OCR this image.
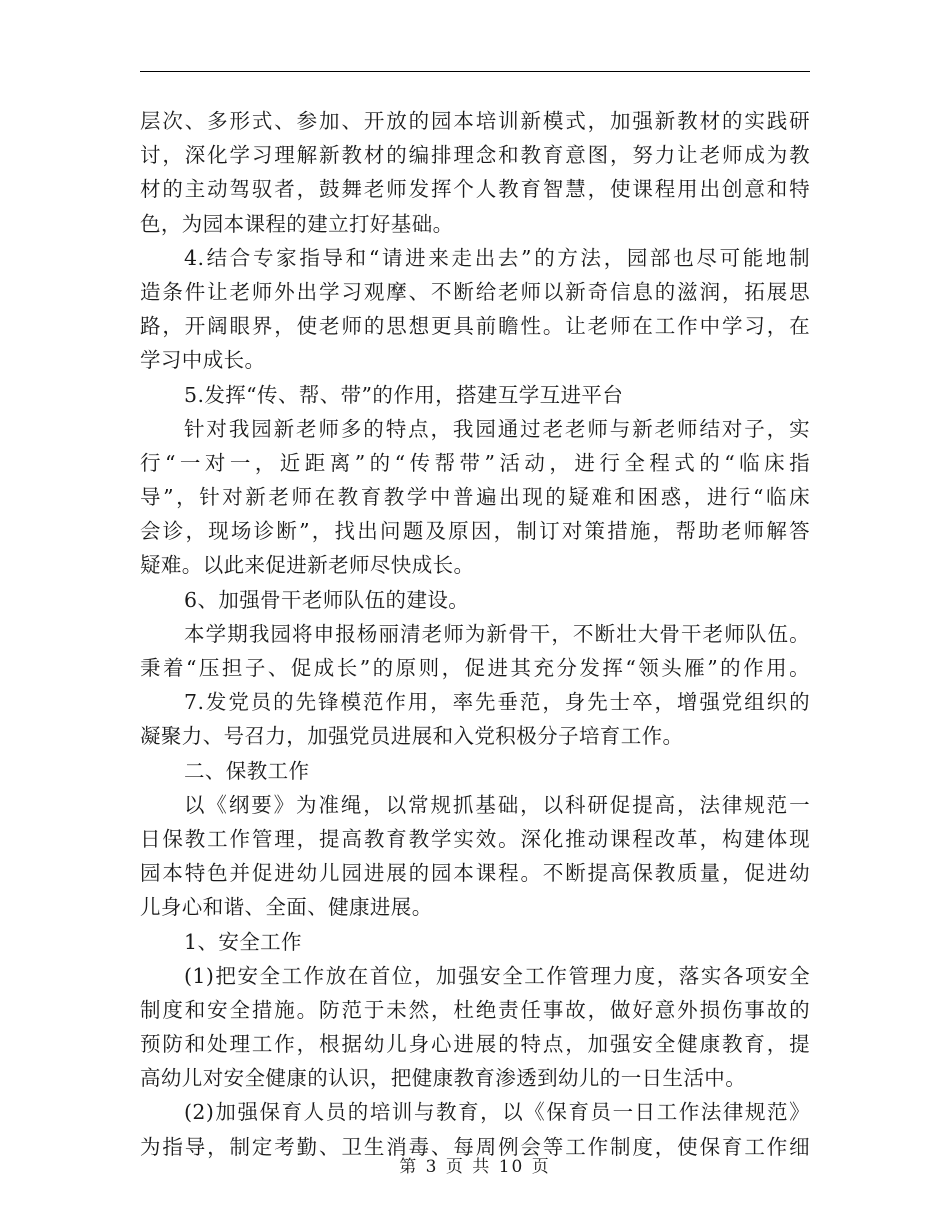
层次、多形式、参加、开放的园本培训新模式，加强新教材的实践研
讨，深化学习理解新教材的编排理念和教育意图，努力让老师成为教
材的主动驾驭者，鼓舞老师发挥个人教育智慧，使课程用出创意和特
色，为园本课程的建立打好基础。
4.结合专家指导和“请进来走出去”的方法，园部也尽可能地制
造条件让老师外出学习观摩、不断给老师以新奇信息的滋润，拓展思
路，开阔眼界，使老师的思想更具前瞻性。让老师在工作中学习，在
学习中成长。
5.发挥“传、帮、带”的作用，搭建互学互进平台
针对我园新老师多的特点，我园通过老老师与新老师结对子，实
行“一对一，近距离”的“传帮带”活动，进行全程式的“临床指
导”，针对新老师在教育教学中普遍出现的疑难和困惑，进行“临床
会诊，现场诊断”，找出问题及原因，制订对策措施，帮助老师解答
疑难。以此来促进新老师尽快成长。
6、加强骨干老师队伍的建设。
本学期我园将申报杨丽清老师为新骨干，不断壮大骨干老师队伍。
秉着“压担子、促成长”的原则，促进其充分发挥“领头雁”的作用。
7.发党员的先锋模范作用，率先垂范，身先士卒，增强党组织的
凝聚力、号召力，加强党员进展和入党积极分子培育工作。
二、保教工作
以《纲要》为准绳，以常规抓基础，以科研促提高，法律规范一
日保教工作管理，提高教育教学实效。深化推动课程改革，构建体现
园本特色并促进幼儿园进展的园本课程。不断提高保教质量，促进幼
儿身心和谐、全面、健康进展。
1、安全工作
(1)把安全工作放在首位，加强安全工作管理力度，落实各项安全
制度和安全措施。防范于未然，杜绝责任事故，做好意外损伤事故的
预防和处理工作，根据幼儿身心进展的特点，加强安全健康教育，提
高幼儿对安全健康的认识，把健康教育渗透到幼儿的一日生活中。
(2)加强保育人员的培训与教育，以《保育员一日工作法律规范》
为指导，制定考勤、卫生消毒、每周例会等工作制度，使保育工作细
第 3 页 共 10 页
